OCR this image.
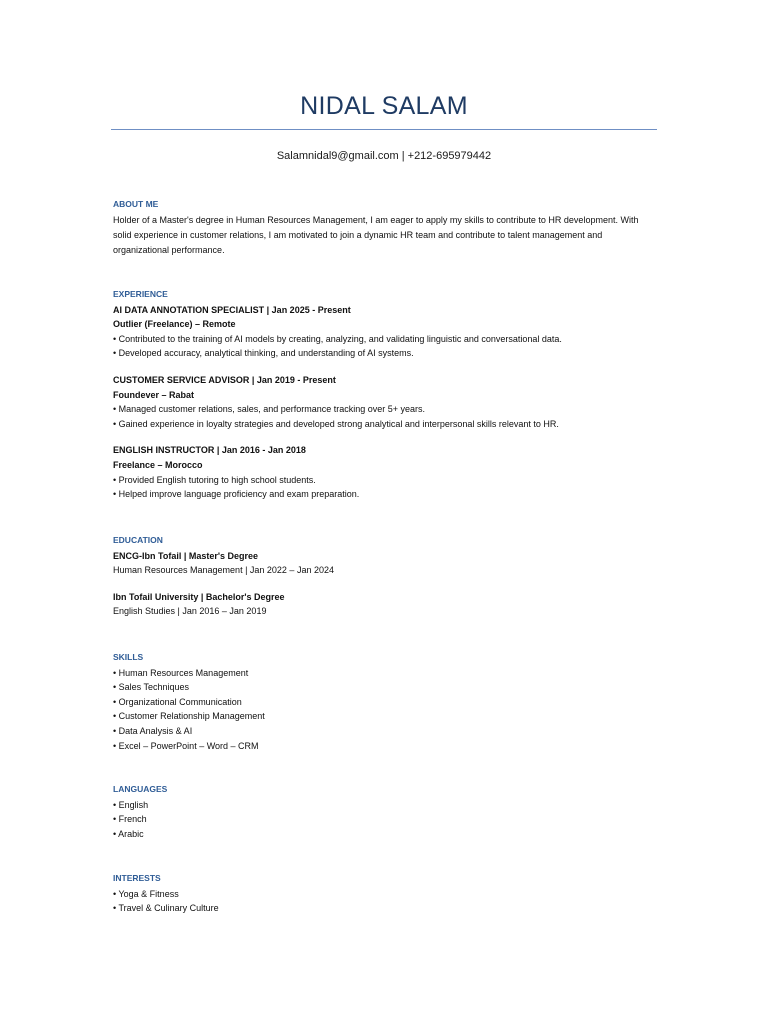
NIDAL SALAM
Salamnidal9@gmail.com | +212-695979442
ABOUT ME
Holder of a Master's degree in Human Resources Management, I am eager to apply my skills to contribute to HR development. With
solid experience in customer relations, I am motivated to join a dynamic HR team and contribute to talent management and
organizational performance.
EXPERIENCE
AI DATA ANNOTATION SPECIALIST | Jan 2025 - Present
Outlier (Freelance) – Remote
• Contributed to the training of AI models by creating, analyzing, and validating linguistic and conversational data.
• Developed accuracy, analytical thinking, and understanding of AI systems.
CUSTOMER SERVICE ADVISOR | Jan 2019 - Present
Foundever – Rabat
• Managed customer relations, sales, and performance tracking over 5+ years.
• Gained experience in loyalty strategies and developed strong analytical and interpersonal skills relevant to HR.
ENGLISH INSTRUCTOR | Jan 2016 - Jan 2018
Freelance – Morocco
• Provided English tutoring to high school students.
• Helped improve language proficiency and exam preparation.
EDUCATION
ENCG-Ibn Tofail | Master's Degree
Human Resources Management | Jan 2022 – Jan 2024
Ibn Tofail University | Bachelor's Degree
English Studies | Jan 2016 – Jan 2019
SKILLS
• Human Resources Management
• Sales Techniques
• Organizational Communication
• Customer Relationship Management
• Data Analysis & AI
• Excel – PowerPoint – Word – CRM
LANGUAGES
• English
• French
• Arabic
INTERESTS
• Yoga & Fitness
• Travel & Culinary Culture
